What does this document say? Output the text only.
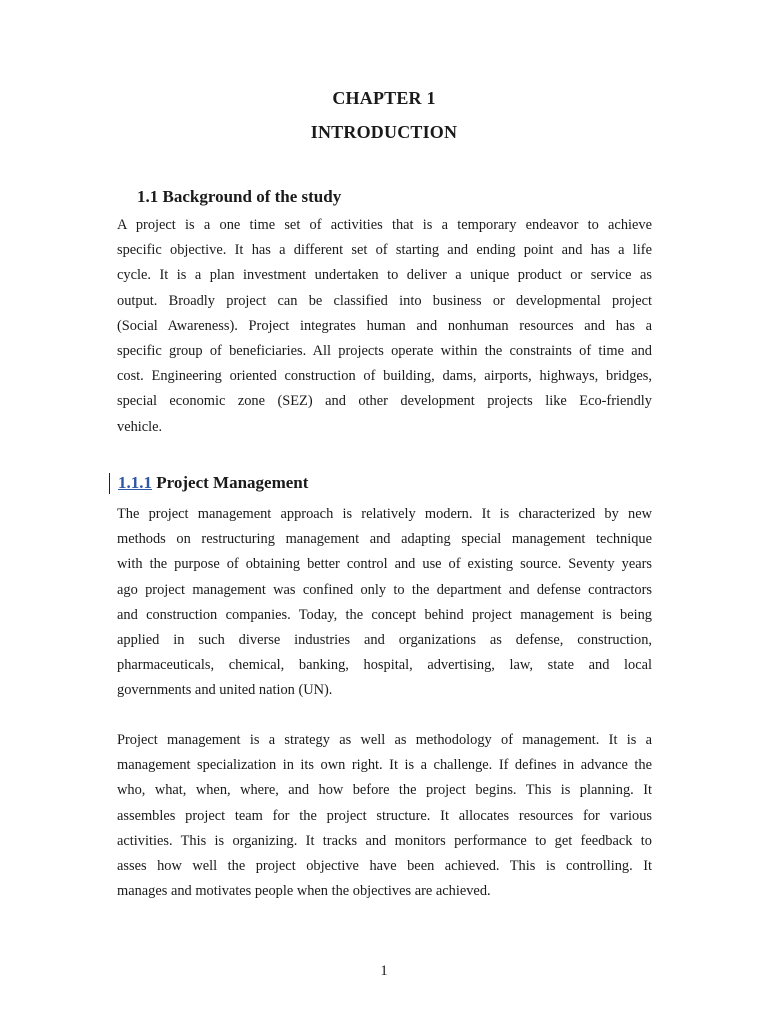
CHAPTER 1
INTRODUCTION
1.1 Background of the study
A project is a one time set of activities that is a temporary endeavor to achieve
specific objective. It has a different set of starting and ending point and has a life
cycle. It is a plan investment undertaken to deliver a unique product or service as
output. Broadly project can be classified into business or developmental project
(Social Awareness). Project integrates human and nonhuman resources and has a
specific group of beneficiaries. All projects operate within the constraints of time and
cost. Engineering oriented construction of building, dams, airports, highways, bridges,
special economic zone (SEZ) and other development projects like Eco-friendly
vehicle.
1.1.1 Project Management
The project management approach is relatively modern. It is characterized by new
methods on restructuring management and adapting special management technique
with the purpose of obtaining better control and use of existing source. Seventy years
ago project management was confined only to the department and defense contractors
and construction companies. Today, the concept behind project management is being
applied in such diverse industries and organizations as defense, construction,
pharmaceuticals, chemical, banking, hospital, advertising, law, state and local
governments and united nation (UN).
Project management is a strategy as well as methodology of management. It is a
management specialization in its own right. It is a challenge. If defines in advance the
who, what, when, where, and how before the project begins. This is planning. It
assembles project team for the project structure. It allocates resources for various
activities. This is organizing. It tracks and monitors performance to get feedback to
asses how well the project objective have been achieved. This is controlling. It
manages and motivates people when the objectives are achieved.
1
